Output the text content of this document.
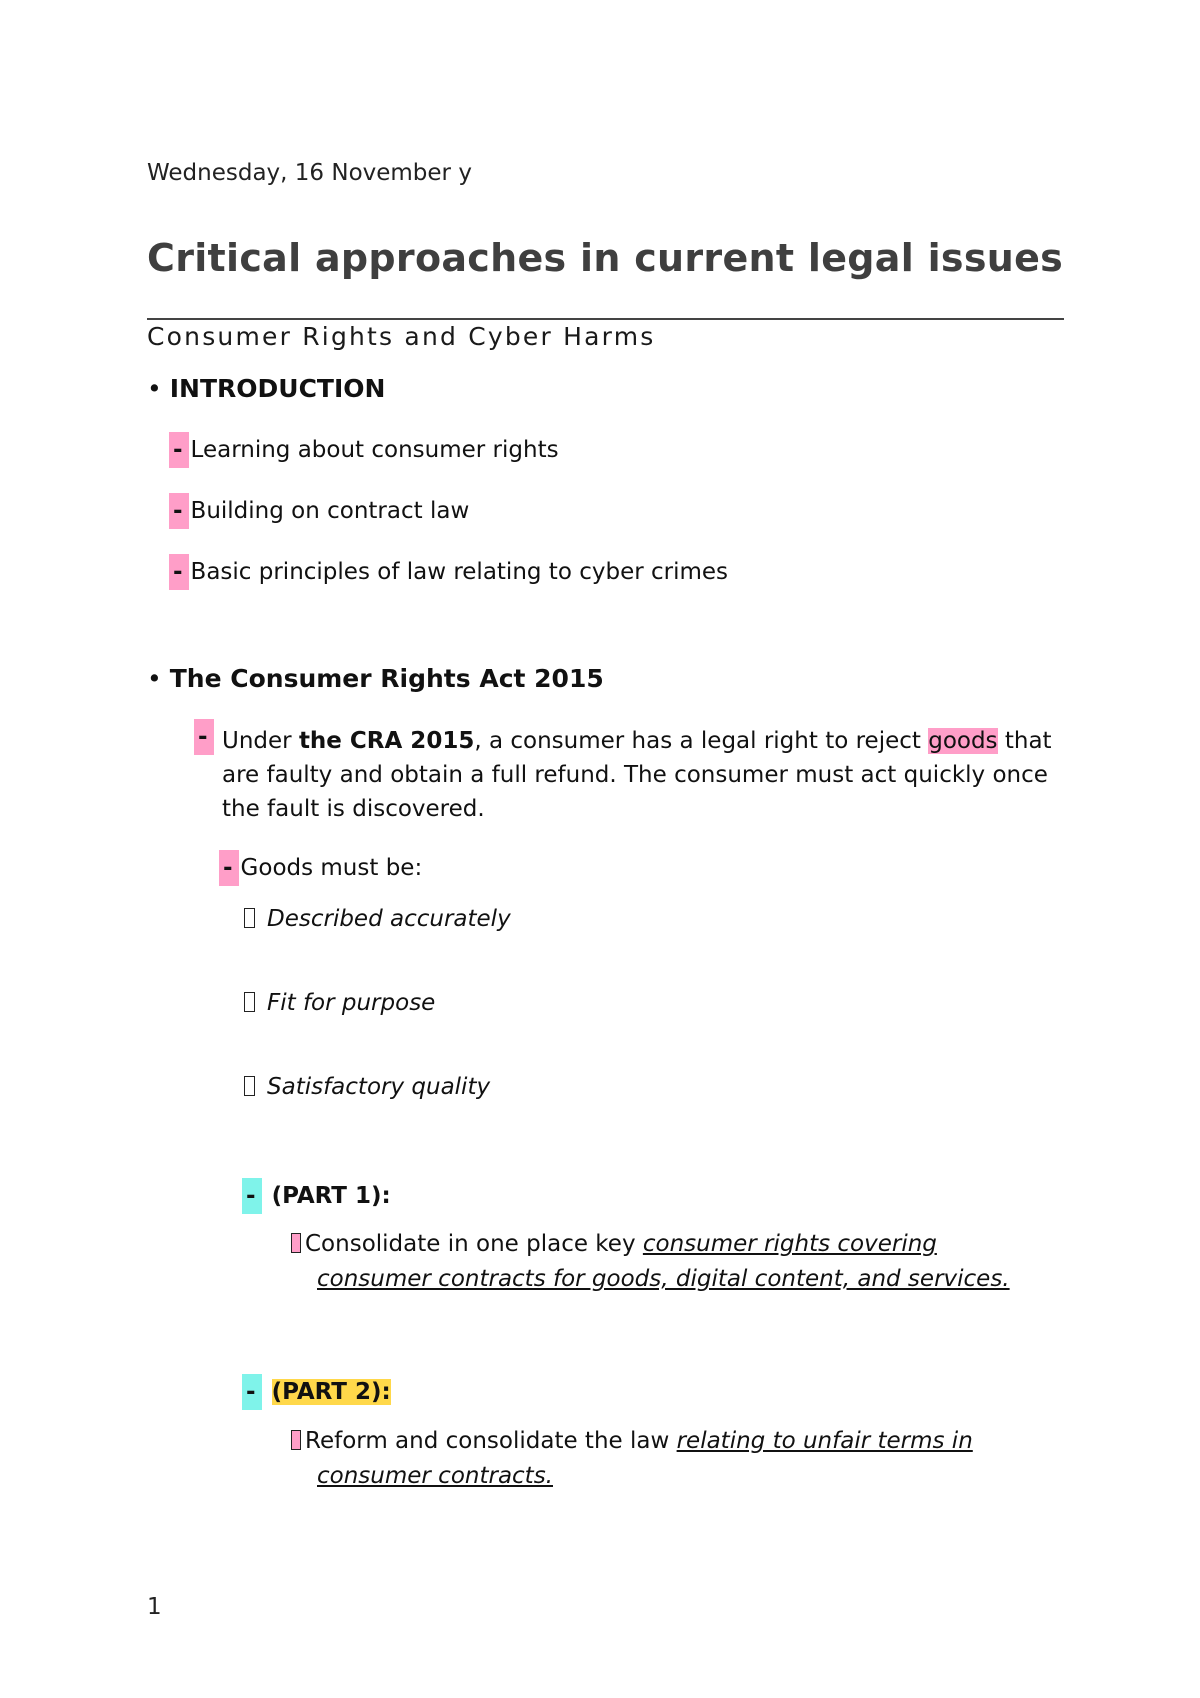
Wednesday, 16 November y
Critical approaches in current legal issues
Consumer Rights and Cyber Harms
• INTRODUCTION
- Learning about consumer rights
- Building on contract law
- Basic principles of law relating to cyber crimes
• The Consumer Rights Act 2015
- Under the CRA 2015, a consumer has a legal right to reject goods that are faulty and obtain a full refund. The consumer must act quickly once the fault is discovered.
- Goods must be:
Described accurately
Fit for purpose
Satisfactory quality
- (PART 1):
Consolidate in one place key consumer rights covering
consumer contracts for goods, digital content, and services.
- (PART 2):
Reform and consolidate the law relating to unfair terms in
consumer contracts.
1
